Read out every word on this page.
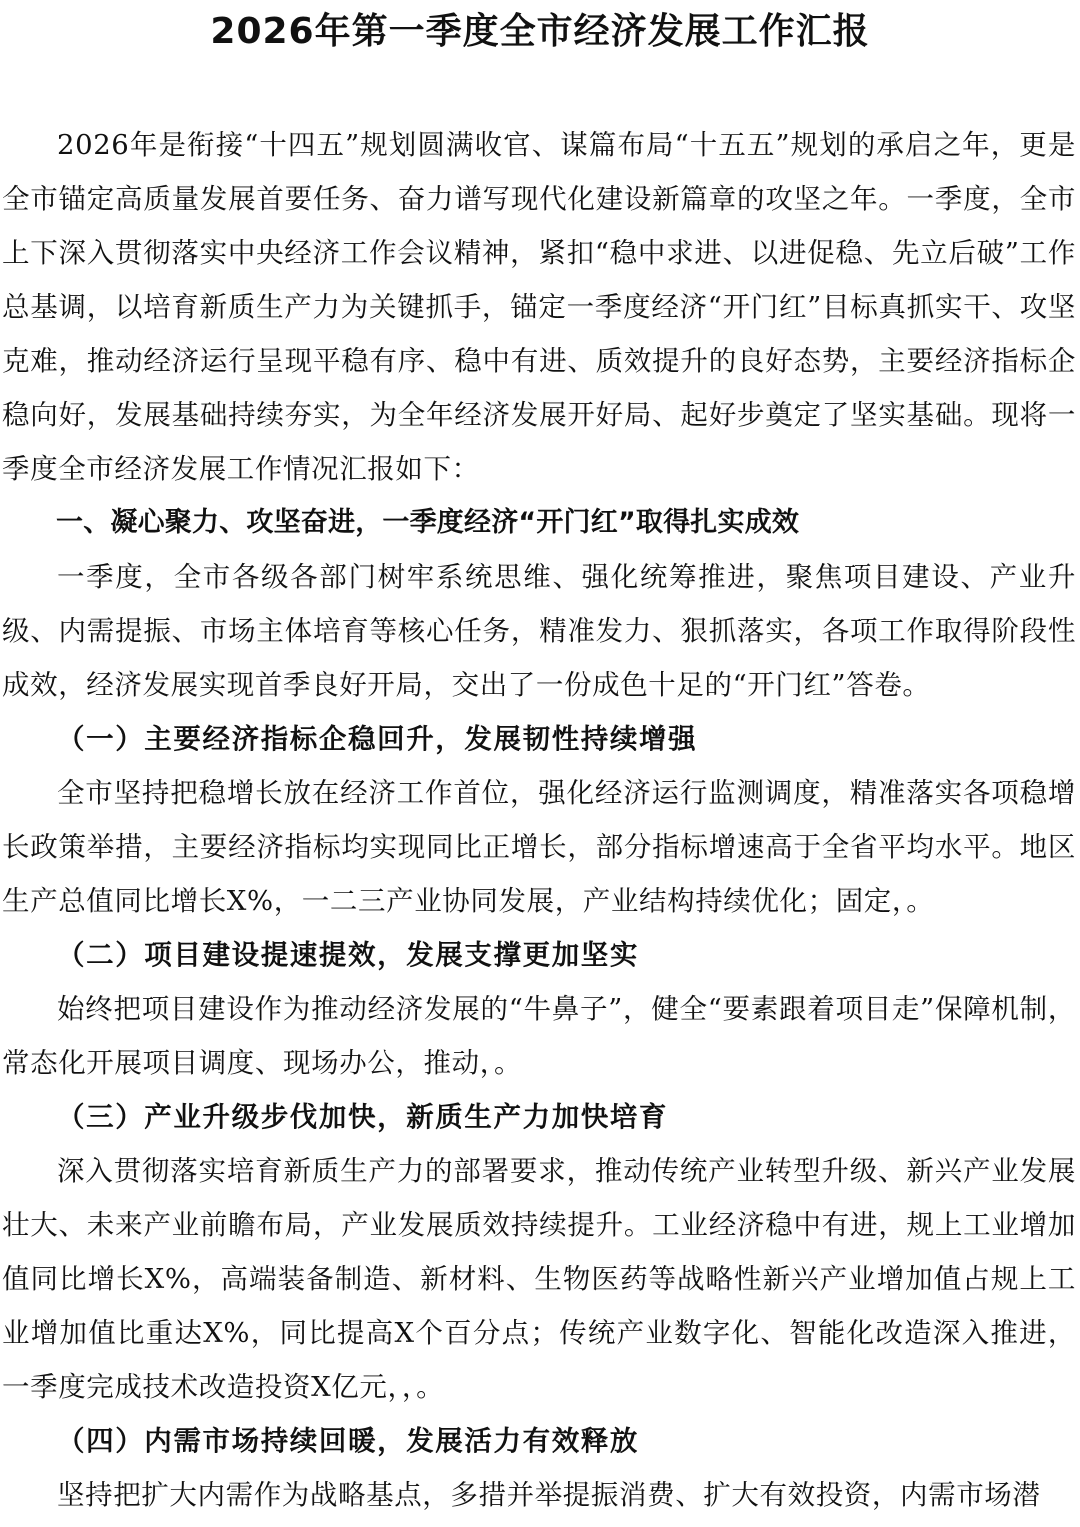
2026年第一季度全市经济发展工作汇报

2026年是衔接“十四五”规划圆满收官、谋篇布局“十五五”规划的承启之年，更是全市锚定高质量发展首要任务、奋力谱写现代化建设新篇章的攻坚之年。一季度，全市上下深入贯彻落实中央经济工作会议精神，紧扣“稳中求进、以进促稳、先立后破”工作总基调，以培育新质生产力为关键抓手，锚定一季度经济“开门红”目标真抓实干、攻坚克难，推动经济运行呈现平稳有序、稳中有进、质效提升的良好态势，主要经济指标企稳向好，发展基础持续夯实，为全年经济发展开好局、起好步奠定了坚实基础。现将一季度全市经济发展工作情况汇报如下：

一、凝心聚力、攻坚奋进，一季度经济“开门红”取得扎实成效

一季度，全市各级各部门树牢系统思维、强化统筹推进，聚焦项目建设、产业升级、内需提振、市场主体培育等核心任务，精准发力、狠抓落实，各项工作取得阶段性成效，经济发展实现首季良好开局，交出了一份成色十足的“开门红”答卷。

（一）主要经济指标企稳回升，发展韧性持续增强

全市坚持把稳增长放在经济工作首位，强化经济运行监测调度，精准落实各项稳增长政策举措，主要经济指标均实现同比正增长，部分指标增速高于全省平均水平。地区生产总值同比增长X%，一二三产业协同发展，产业结构持续优化；固定，。

（二）项目建设提速提效，发展支撑更加坚实

始终把项目建设作为推动经济发展的“牛鼻子”，健全“要素跟着项目走”保障机制，常态化开展项目调度、现场办公，推动，。

（三）产业升级步伐加快，新质生产力加快培育

深入贯彻落实培育新质生产力的部署要求，推动传统产业转型升级、新兴产业发展壮大、未来产业前瞻布局，产业发展质效持续提升。工业经济稳中有进，规上工业增加值同比增长X%，高端装备制造、新材料、生物医药等战略性新兴产业增加值占规上工业增加值比重达X%，同比提高X个百分点；传统产业数字化、智能化改造深入推进，一季度完成技术改造投资X亿元，，。

（四）内需市场持续回暖，发展活力有效释放

坚持把扩大内需作为战略基点，多措并举提振消费、扩大有效投资，内需市场潜
